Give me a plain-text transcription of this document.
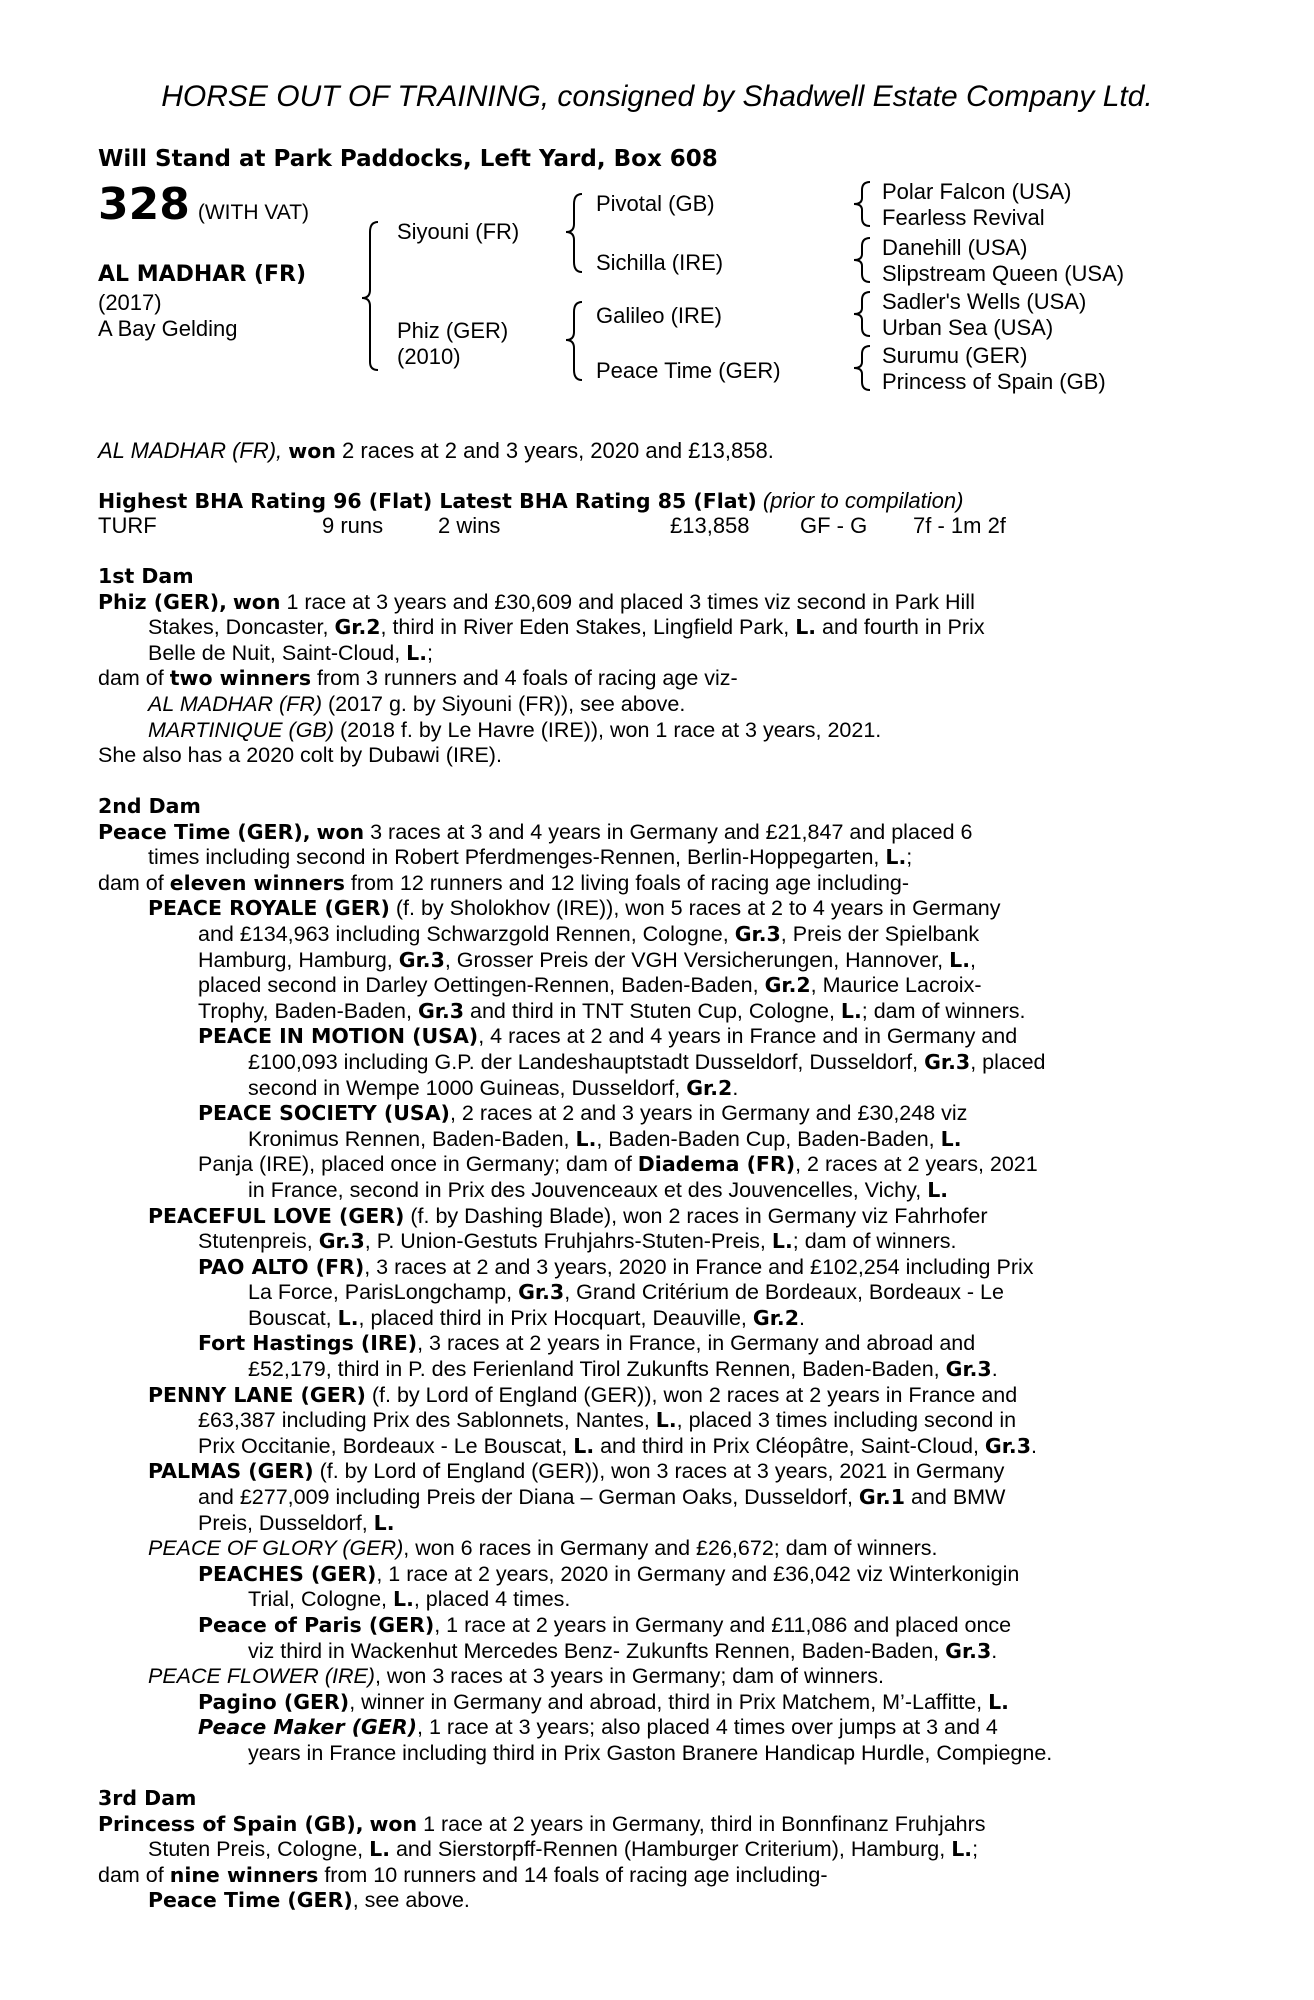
HORSE OUT OF TRAINING, consigned by Shadwell Estate Company Ltd.
Will Stand at Park Paddocks, Left Yard, Box 608
328 (WITH VAT)
AL MADHAR (FR)
(2017)
A Bay Gelding
Siyouni (FR)
Phiz (GER)
(2010)
Pivotal (GB)
Sichilla (IRE)
Galileo (IRE)
Peace Time (GER)
Polar Falcon (USA)
Fearless Revival
Danehill (USA)
Slipstream Queen (USA)
Sadler's Wells (USA)
Urban Sea (USA)
Surumu (GER)
Princess of Spain (GB)
AL MADHAR (FR), won 2 races at 2 and 3 years, 2020 and £13,858.
Highest BHA Rating 96 (Flat) Latest BHA Rating 85 (Flat) (prior to compilation)
TURF	9 runs 2 wins	£13,858 GF - G 7f - 1m 2f
1st Dam
Phiz (GER), won 1 race at 3 years and £30,609 and placed 3 times viz second in Park Hill
Stakes, Doncaster, Gr.2, third in River Eden Stakes, Lingfield Park, L. and fourth in Prix
Belle de Nuit, Saint-Cloud, L.;
dam of two winners from 3 runners and 4 foals of racing age viz-
AL MADHAR (FR) (2017 g. by Siyouni (FR)), see above.
MARTINIQUE (GB) (2018 f. by Le Havre (IRE)), won 1 race at 3 years, 2021.
She also has a 2020 colt by Dubawi (IRE).
2nd Dam
Peace Time (GER), won 3 races at 3 and 4 years in Germany and £21,847 and placed 6
times including second in Robert Pferdmenges-Rennen, Berlin-Hoppegarten, L.;
dam of eleven winners from 12 runners and 12 living foals of racing age including-
PEACE ROYALE (GER) (f. by Sholokhov (IRE)), won 5 races at 2 to 4 years in Germany
and £134,963 including Schwarzgold Rennen, Cologne, Gr.3, Preis der Spielbank
Hamburg, Hamburg, Gr.3, Grosser Preis der VGH Versicherungen, Hannover, L.,
placed second in Darley Oettingen-Rennen, Baden-Baden, Gr.2, Maurice Lacroix-
Trophy, Baden-Baden, Gr.3 and third in TNT Stuten Cup, Cologne, L.; dam of winners.
PEACE IN MOTION (USA), 4 races at 2 and 4 years in France and in Germany and
£100,093 including G.P. der Landeshauptstadt Dusseldorf, Dusseldorf, Gr.3, placed
second in Wempe 1000 Guineas, Dusseldorf, Gr.2.
PEACE SOCIETY (USA), 2 races at 2 and 3 years in Germany and £30,248 viz
Kronimus Rennen, Baden-Baden, L., Baden-Baden Cup, Baden-Baden, L.
Panja (IRE), placed once in Germany; dam of Diadema (FR), 2 races at 2 years, 2021
in France, second in Prix des Jouvenceaux et des Jouvencelles, Vichy, L.
PEACEFUL LOVE (GER) (f. by Dashing Blade), won 2 races in Germany viz Fahrhofer
Stutenpreis, Gr.3, P. Union-Gestuts Fruhjahrs-Stuten-Preis, L.; dam of winners.
PAO ALTO (FR), 3 races at 2 and 3 years, 2020 in France and £102,254 including Prix
La Force, ParisLongchamp, Gr.3, Grand Critérium de Bordeaux, Bordeaux - Le
Bouscat, L., placed third in Prix Hocquart, Deauville, Gr.2.
Fort Hastings (IRE), 3 races at 2 years in France, in Germany and abroad and
£52,179, third in P. des Ferienland Tirol Zukunfts Rennen, Baden-Baden, Gr.3.
PENNY LANE (GER) (f. by Lord of England (GER)), won 2 races at 2 years in France and
£63,387 including Prix des Sablonnets, Nantes, L., placed 3 times including second in
Prix Occitanie, Bordeaux - Le Bouscat, L. and third in Prix Cléopâtre, Saint-Cloud, Gr.3.
PALMAS (GER) (f. by Lord of England (GER)), won 3 races at 3 years, 2021 in Germany
and £277,009 including Preis der Diana – German Oaks, Dusseldorf, Gr.1 and BMW
Preis, Dusseldorf, L.
PEACE OF GLORY (GER), won 6 races in Germany and £26,672; dam of winners.
PEACHES (GER), 1 race at 2 years, 2020 in Germany and £36,042 viz Winterkonigin
Trial, Cologne, L., placed 4 times.
Peace of Paris (GER), 1 race at 2 years in Germany and £11,086 and placed once
viz third in Wackenhut Mercedes Benz- Zukunfts Rennen, Baden-Baden, Gr.3.
PEACE FLOWER (IRE), won 3 races at 3 years in Germany; dam of winners.
Pagino (GER), winner in Germany and abroad, third in Prix Matchem, M’-Laffitte, L.
Peace Maker (GER), 1 race at 3 years; also placed 4 times over jumps at 3 and 4
years in France including third in Prix Gaston Branere Handicap Hurdle, Compiegne.
3rd Dam
Princess of Spain (GB), won 1 race at 2 years in Germany, third in Bonnfinanz Fruhjahrs
Stuten Preis, Cologne, L. and Sierstorpff-Rennen (Hamburger Criterium), Hamburg, L.;
dam of nine winners from 10 runners and 14 foals of racing age including-
Peace Time (GER), see above.
